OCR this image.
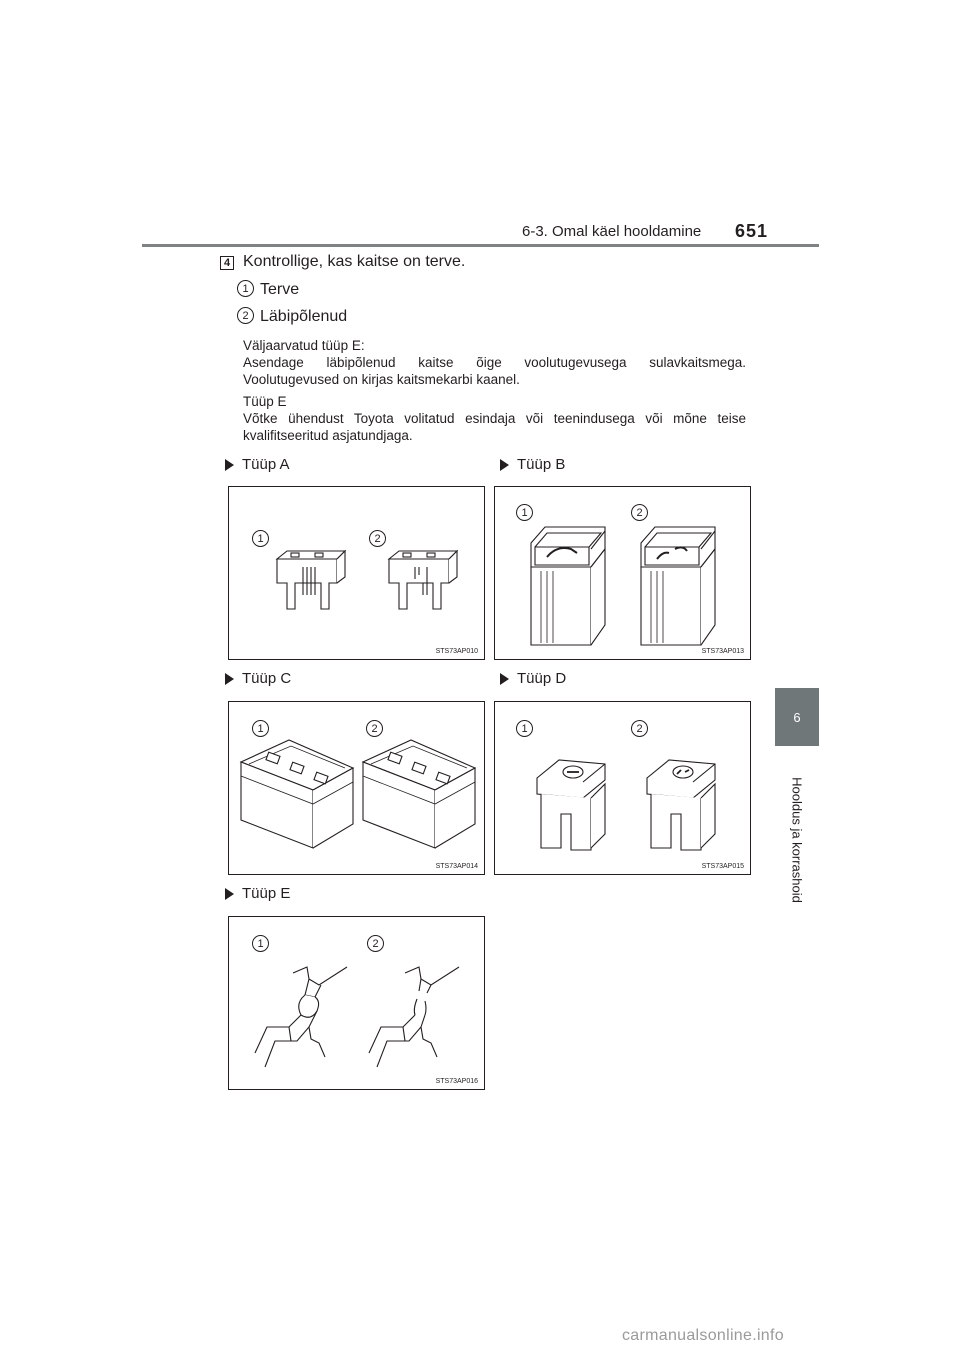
6-3. Omal käel hooldamine 651
6
Hooldus ja korrashoid
4 Kontrollige, kas kaitse on terve.
1 Terve
2 Läbipõlenud

Väljaarvatud tüüp E:

Asendage läbipõlenud kaitse õige voolutugevusega sulavkaitsmega.

Voolutugevused on kirjas kaitsmekarbi kaanel.

Tüüp E

Võtke ühendust Toyota volitatud esindaja või teenindusega või mõne teise

kvalifitseeritud asjatundjaga.

Tüüp A	Tüüp B
Tüüp C	Tüüp D
Tüüp E
1	2
STS73AP010
1	2
STS73AP013
1	2
STS73AP014
1	2
STS73AP015
1	2
STS73AP016
carmanualsonline.info
